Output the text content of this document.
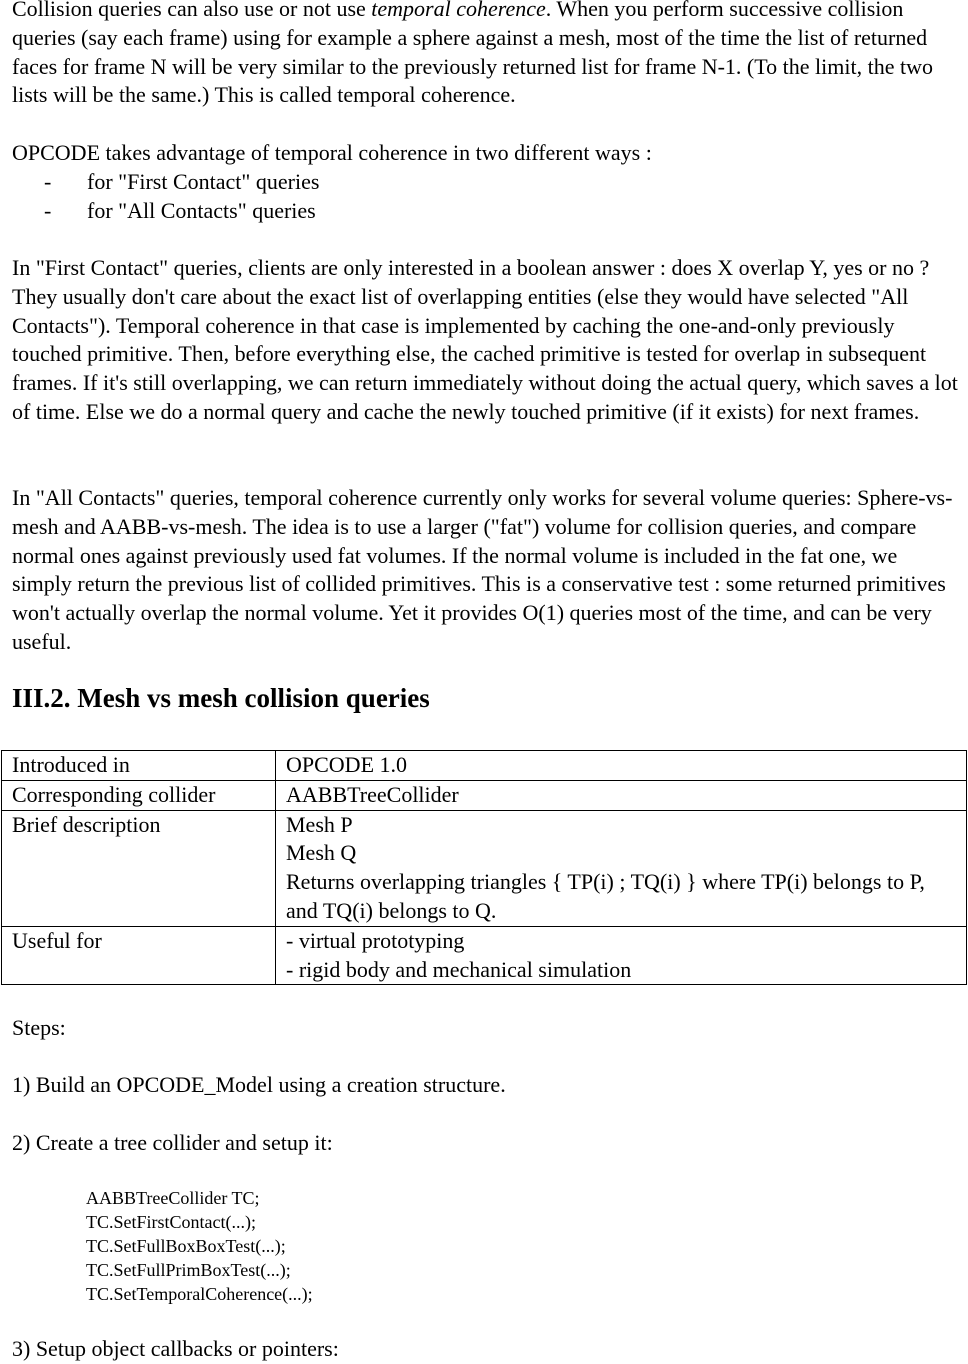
Collision queries can also use or not use temporal coherence. When you perform successive collision queries (say each frame) using for example a sphere against a mesh, most of the time the list of returned faces for frame N will be very similar to the previously returned list for frame N-1. (To the limit, the two lists will be the same.) This is called temporal coherence.

OPCODE takes advantage of temporal coherence in two different ways :

- for "First Contact" queries

- for "All Contacts" queries

In "First Contact" queries, clients are only interested in a boolean answer : does X overlap Y, yes or no ? They usually don't care about the exact list of overlapping entities (else they would have selected "All Contacts"). Temporal coherence in that case is implemented by caching the one-and-only previously touched primitive. Then, before everything else, the cached primitive is tested for overlap in subsequent frames. If it's still overlapping, we can return immediately without doing the actual query, which saves a lot of time. Else we do a normal query and cache the newly touched primitive (if it exists) for next frames.

In "All Contacts" queries, temporal coherence currently only works for several volume queries: Sphere-vs-mesh and AABB-vs-mesh. The idea is to use a larger ("fat") volume for collision queries, and compare normal ones against previously used fat volumes. If the normal volume is included in the fat one, we simply return the previous list of collided primitives. This is a conservative test : some returned primitives won't actually overlap the normal volume. Yet it provides O(1) queries most of the time, and can be very useful.

III.2. Mesh vs mesh collision queries
Introduced in	OPCODE 1.0

Corresponding collider	AABBTreeCollider

Brief description	Mesh P
Mesh Q
Returns overlapping triangles { TP(i) ; TQ(i) } where TP(i) belongs to P, and TQ(i) belongs to Q.

Useful for	- virtual prototyping
- rigid body and mechanical simulation

Steps:

1) Build an OPCODE_Model using a creation structure.

2) Create a tree collider and setup it:

AABBTreeCollider TC;

TC.SetFirstContact(...);

TC.SetFullBoxBoxTest(...);

TC.SetFullPrimBoxTest(...);

TC.SetTemporalCoherence(...);

3) Setup object callbacks or pointers:
